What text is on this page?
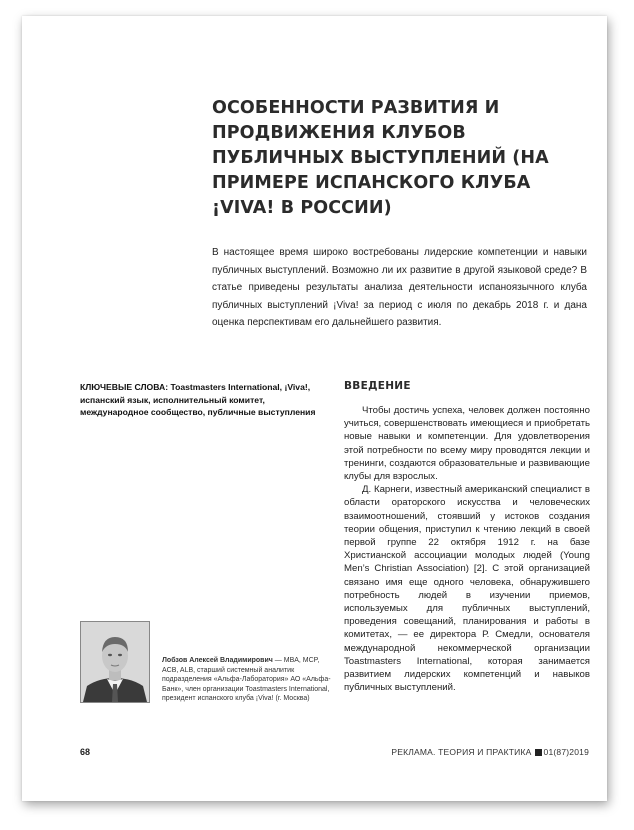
ОСОБЕННОСТИ РАЗВИТИЯ И ПРОДВИЖЕНИЯ КЛУБОВ ПУБЛИЧНЫХ ВЫСТУПЛЕНИЙ (НА ПРИМЕРЕ ИСПАНСКОГО КЛУБА ¡VIVA! В РОССИИ)

В настоящее время широко востребованы лидерские компетенции и навыки публичных выступлений. Возможно ли их развитие в другой языковой среде? В статье приведены результаты анализа деятельности испаноязычного клуба публичных выступлений ¡Viva! за период с июля по декабрь 2018 г. и дана оценка перспективам его дальнейшего развития.

КЛЮЧЕВЫЕ СЛОВА: Toastmasters International, ¡Viva!, испанский язык, исполнительный комитет, международное сообщество, публичные выступления

ВВЕДЕНИЕ

Чтобы достичь успеха, человек должен постоянно учиться, совершенствовать имеющиеся и приобретать новые навыки и компетенции. Для удовлетворения этой потребности по всему миру проводятся лекции и тренинги, создаются образовательные и развивающие клубы для взрослых.

Д. Карнеги, известный американский специалист в области ораторского искусства и человеческих взаимоотношений, стоявший у истоков создания теории общения, приступил к чтению лекций в своей первой группе 22 октября 1912 г. на базе Христианской ассоциации молодых людей (Young Men’s Christian Association) [2]. С этой организацией связано имя еще одного человека, обнаружившего потребность людей в изучении приемов, используемых для публичных выступлений, проведения совещаний, планирования и работы в комитетах, — ее директора Р. Смедли, основателя международной некоммерческой организации Toastmasters International, которая занимается развитием лидерских компетенций и навыков публичных выступлений.

Лобзов Алексей Владимирович — MBA, MCP, ACB, ALB, старший системный аналитик подразделения «Альфа-Лаборатория» АО «Альфа-Банк», член организации Toastmasters International, президент испанского клуба ¡Viva! (г. Москва)

68	РЕКЛАМА. ТЕОРИЯ И ПРАКТИКА 01(87)2019
